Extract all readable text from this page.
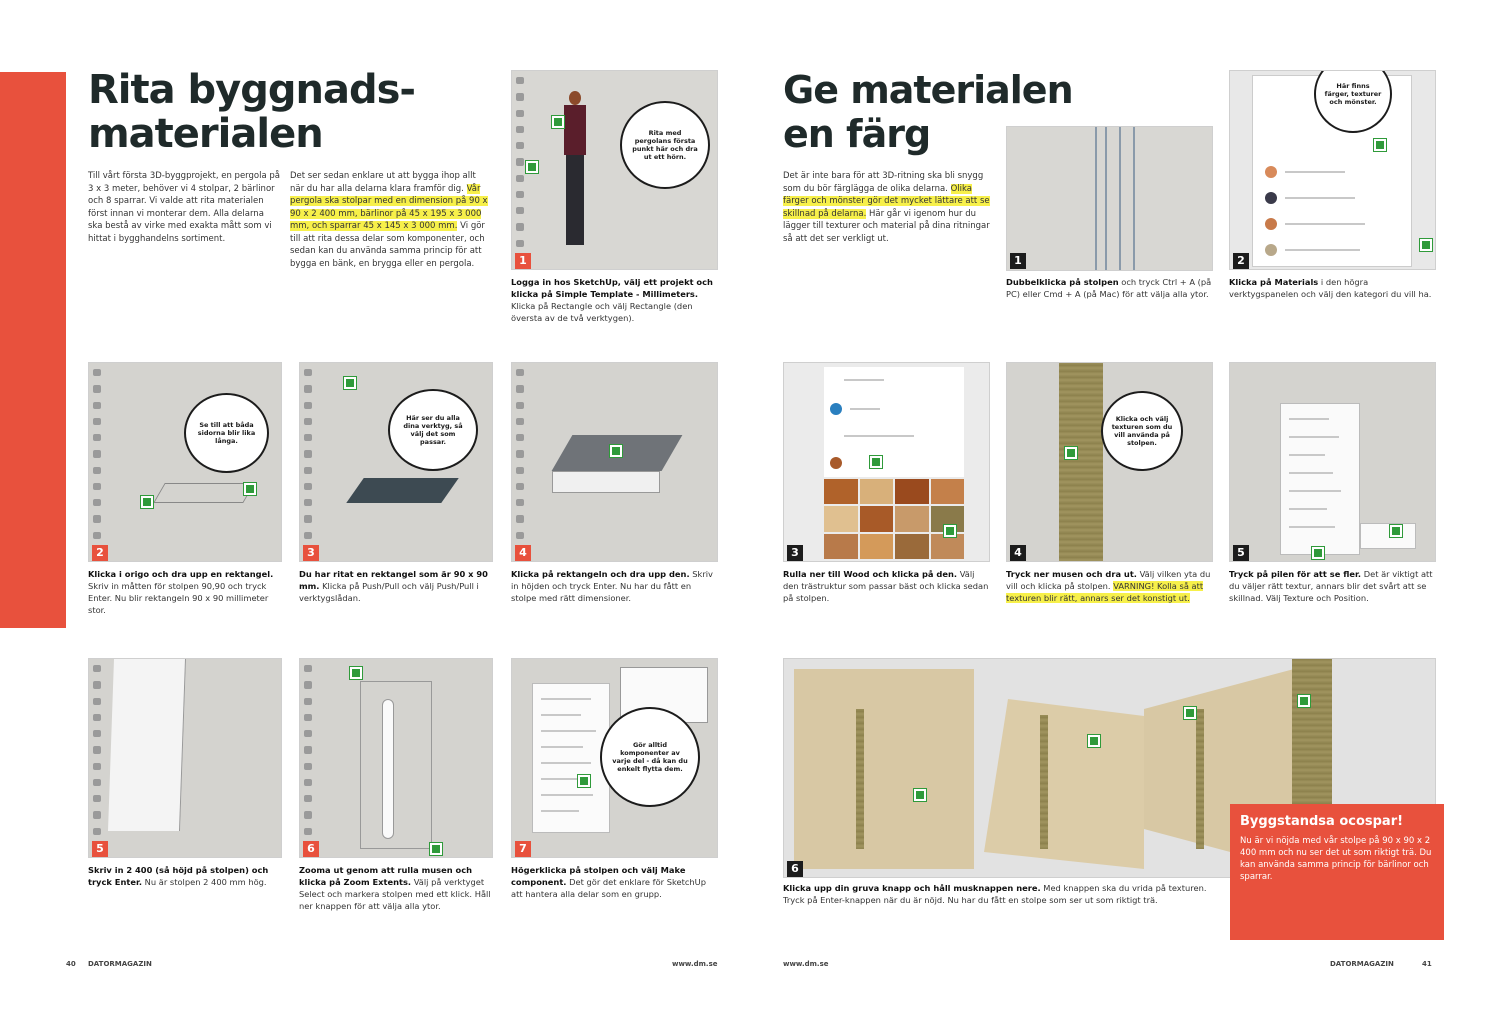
Rita byggnads-
materialen
Till vårt första 3D-byggprojekt, en pergola på 3 x 3 meter, behöver vi 4 stolpar, 2 bärlinor och 8 sparrar. Vi valde att rita materialen först innan vi monterar dem. Alla delarna ska bestå av virke med exakta mått som vi hittat i bygghandelns sortiment.
Det ser sedan enklare ut att bygga ihop allt när du har alla delarna klara framför dig. Vår pergola ska stolpar med en dimension på 90 x 90 x 2 400 mm, bärlinor på 45 x 195 x 3 000 mm, och sparrar 45 x 145 x 3 000 mm. Vi gör till att rita dessa delar som komponenter, och sedan kan du använda samma princip för att bygga en bänk, en brygga eller en pergola.
Rita med pergolans första punkt här och dra ut ett hörn.
1
Logga in hos SketchUp, välj ett projekt och klicka på Simple Template - Millimeters. Klicka på Rectangle och välj Rectangle (den översta av de två verktygen).
Se till att båda sidorna blir lika långa.
2
Klicka i origo och dra upp en rektangel. Skriv in måtten för stolpen 90,90 och tryck Enter. Nu blir rektangeln 90 x 90 millimeter stor.
Här ser du alla dina verktyg, så välj det som passar.
3
Du har ritat en rektangel som är 90 x 90 mm. Klicka på Push/Pull och välj Push/Pull i verktygslådan.
4
Klicka på rektangeln och dra upp den. Skriv in höjden och tryck Enter. Nu har du fått en stolpe med rätt dimensioner.
5
Skriv in 2 400 (så höjd på stolpen) och tryck Enter. Nu är stolpen 2 400 mm hög.
6
Zooma ut genom att rulla musen och klicka på Zoom Extents. Välj på verktyget Select och markera stolpen med ett klick. Håll ner knappen för att välja alla ytor.
Gör alltid komponenter av varje del - då kan du enkelt flytta dem.
7
Högerklicka på stolpen och välj Make component. Det gör det enklare för SketchUp att hantera alla delar som en grupp.
40 DATORMAGAZIN	www.dm.se
Ge materialen
en färg
Det är inte bara för att 3D-ritning ska bli snygg som du bör färglägga de olika delarna. Olika färger och mönster gör det mycket lättare att se skillnad på delarna. Här går vi igenom hur du lägger till texturer och material på dina ritningar så att det ser verkligt ut.
1
Dubbelklicka på stolpen och tryck Ctrl + A (på PC) eller Cmd + A (på Mac) för att välja alla ytor.
Här finns färger, texturer och mönster.
2
Klicka på Materials i den högra verktygspanelen och välj den kategori du vill ha.
3
Rulla ner till Wood och klicka på den. Välj den trästruktur som passar bäst och klicka sedan på stolpen.
Klicka och välj texturen som du vill använda på stolpen.
4
Tryck ner musen och dra ut. Välj vilken yta du vill och klicka på stolpen. VARNING! Kolla så att texturen blir rätt, annars ser det konstigt ut.
5
Tryck på pilen för att se fler. Det är viktigt att du väljer rätt textur, annars blir det svårt att se skillnad. Välj Texture och Position.
6
Klicka upp din gruva knapp och håll musknappen nere. Med knappen ska du vrida på texturen. Tryck på Enter-knappen när du är nöjd. Nu har du fått en stolpe som ser ut som riktigt trä.
Byggstandsa ocospar!
Nu är vi nöjda med vår stolpe på 90 x 90 x 2 400 mm och nu ser det ut som riktigt trä. Du kan använda samma princip för bärlinor och sparrar.
www.dm.se	DATORMAGAZIN	41
